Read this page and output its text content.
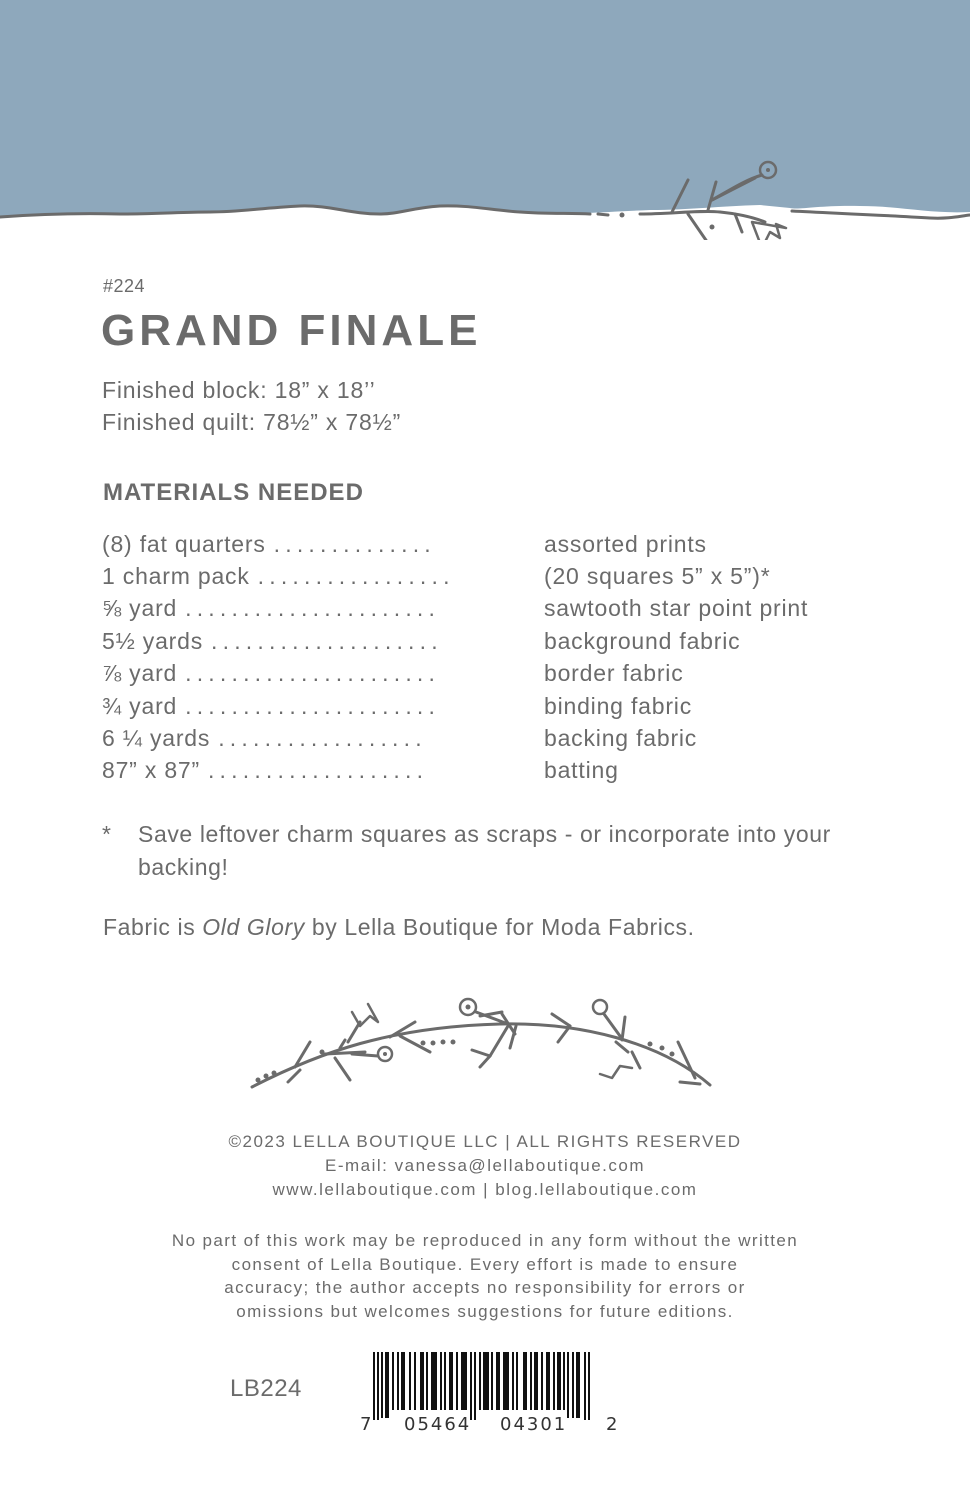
#224
GRAND FINALE
Finished block: 18” x 18’’
Finished quilt: 78½” x 78½”
MATERIALS NEEDED
(8) fat quarters ..............	assorted prints
1 charm pack .................	(20 squares 5” x 5”)*
⅝ yard ......................	sawtooth star point print
5½ yards ....................	background fabric
⅞ yard ......................	border fabric
¾ yard ......................	binding fabric
6 ¼ yards ..................	backing fabric
87” x 87” ...................	batting
*	Save leftover charm squares as scraps - or incorporate into your backing!
Fabric is Old Glory by Lella Boutique for Moda Fabrics.
©2023 LELLA BOUTIQUE LLC | ALL RIGHTS RESERVED
E-mail: vanessa@lellaboutique.com
www.lellaboutique.com | blog.lellaboutique.com
No part of this work may be reproduced in any form without the written
consent of Lella Boutique. Every effort is made to ensure
accuracy; the author accepts no responsibility for errors or
omissions but welcomes suggestions for future editions.
LB224
7 05464 04301 2
